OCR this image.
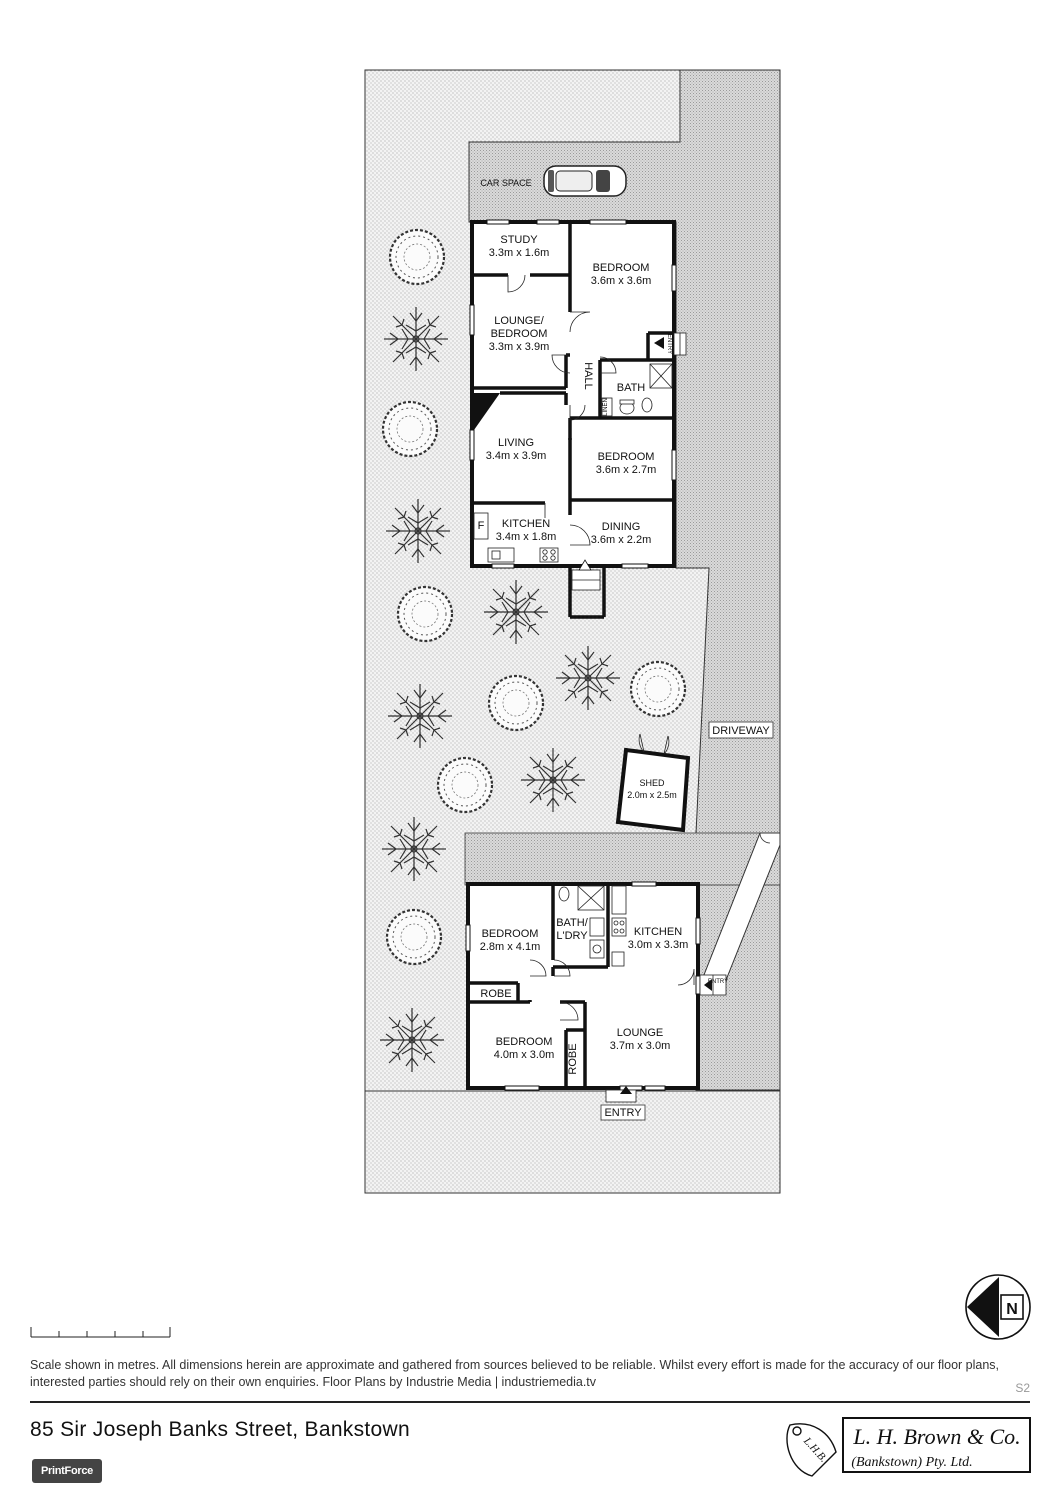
CAR SPACE
ENTRY
LINEN
F
STUDY
3.3m x 1.6m
BEDROOM
3.6m x 3.6m
LOUNGE/
BEDROOM
3.3m x 3.9m
HALL BATH
LIVING
3.4m x 3.9m	BEDROOM
3.6m x 2.7m
KITCHEN
3.4m x 1.8m
DINING
3.6m x 2.2m
DRIVEWAY
SHED
2.0m x 2.5m
ENTRY
ENTRY
BEDROOM
2.8m x 4.1m
BATH/
L'DRY	KITCHEN
3.0m x 3.3m
ROBE
BEDROOM
4.0m x 3.0m ROBE
LOUNGE
3.7m x 3.0m
N
L.H.B. L. H. Brown & Co.
(Bankstown) Pty. Ltd.

Scale shown in metres. All dimensions herein are approximate and gathered from sources believed to be reliable. Whilst every effort is made for the accuracy of our floor plans, interested parties should rely on their own enquiries. Floor Plans by Industrie Media | industriemedia.tv	S2
85 Sir Joseph Banks Street, Bankstown
PrintForce
